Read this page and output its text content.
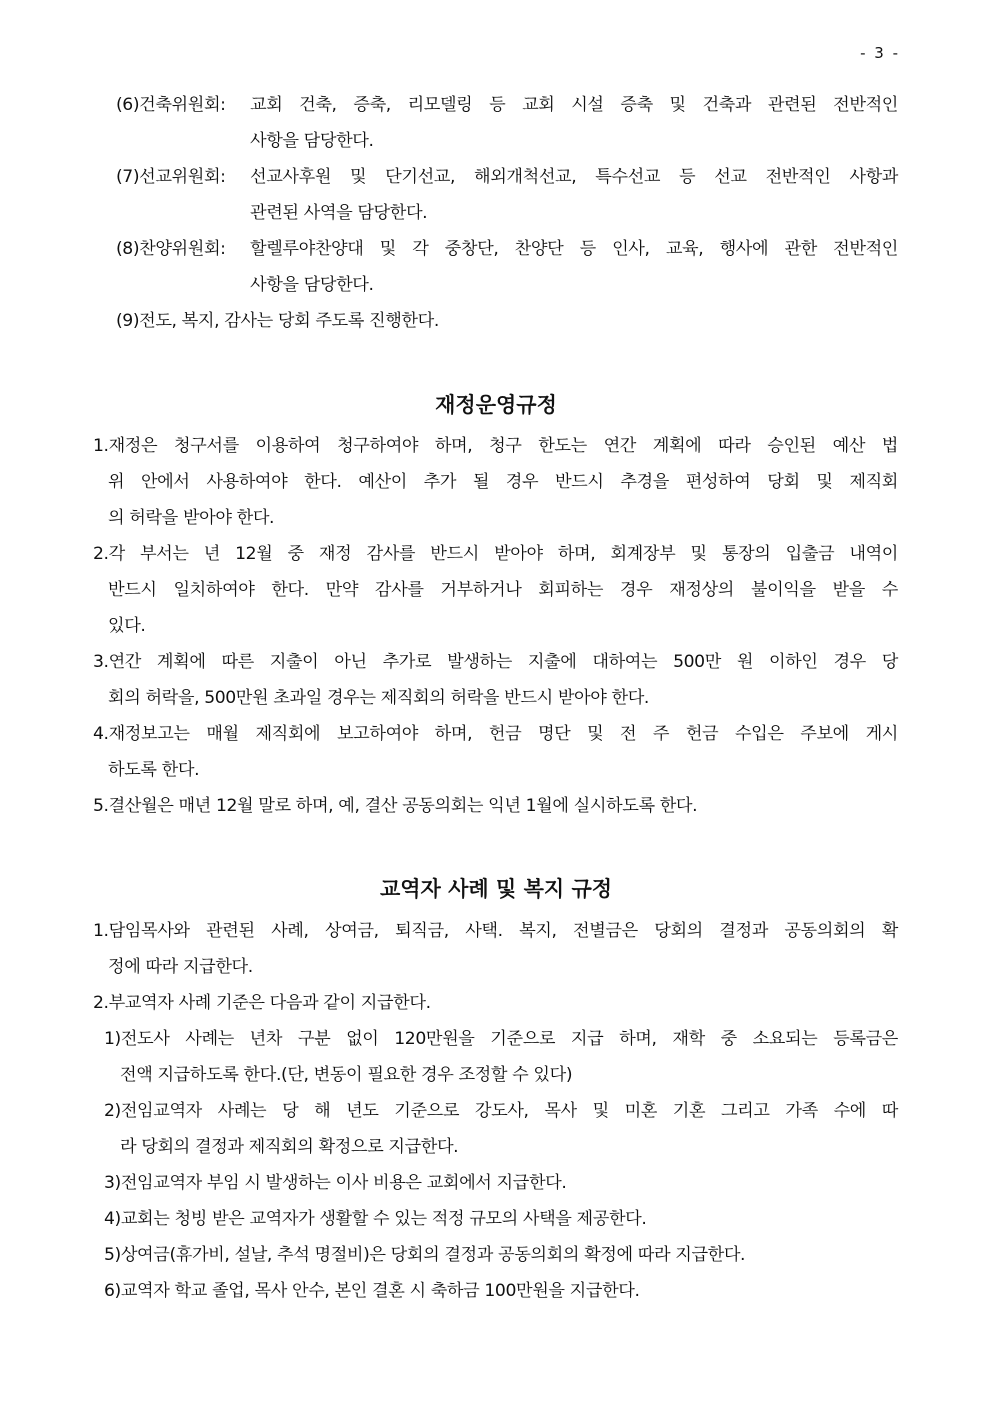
- 3 -
(6)건축위원회: 교회 건축, 증축, 리모델링 등 교회 시설 증축 및 건축과 관련된 전반적인
사항을 담당한다.
(7)선교위원회: 선교사후원 및 단기선교, 해외개척선교, 특수선교 등 선교 전반적인 사항과
관련된 사역을 담당한다.
(8)찬양위원회: 할렐루야찬양대 및 각 중창단, 찬양단 등 인사, 교육, 행사에 관한 전반적인
사항을 담당한다.
(9)전도, 복지, 감사는 당회 주도록 진행한다.
재정운영규정
1.재정은 청구서를 이용하여 청구하여야 하며, 청구 한도는 연간 계획에 따라 승인된 예산 법
위 안에서 사용하여야 한다. 예산이 추가 될 경우 반드시 추경을 편성하여 당회 및 제직회
의 허락을 받아야 한다.
2.각 부서는 년 12월 중 재정 감사를 반드시 받아야 하며, 회계장부 및 통장의 입출금 내역이
반드시 일치하여야 한다. 만약 감사를 거부하거나 회피하는 경우 재정상의 불이익을 받을 수
있다.
3.연간 계획에 따른 지출이 아닌 추가로 발생하는 지출에 대하여는 500만 원 이하인 경우 당
회의 허락을, 500만원 초과일 경우는 제직회의 허락을 반드시 받아야 한다.
4.재정보고는 매월 제직회에 보고하여야 하며, 헌금 명단 및 전 주 헌금 수입은 주보에 게시
하도록 한다.
5.결산월은 매년 12월 말로 하며, 예, 결산 공동의회는 익년 1월에 실시하도록 한다.
교역자 사례 및 복지 규정
1.담임목사와 관련된 사례, 상여금, 퇴직금, 사택. 복지, 전별금은 당회의 결정과 공동의회의 확
정에 따라 지급한다.
2.부교역자 사례 기준은 다음과 같이 지급한다.
1)전도사 사례는 년차 구분 없이 120만원을 기준으로 지급 하며, 재학 중 소요되는 등록금은
전액 지급하도록 한다.(단, 변동이 필요한 경우 조정할 수 있다)
2)전임교역자 사례는 당 해 년도 기준으로 강도사, 목사 및 미혼 기혼 그리고 가족 수에 따
라 당회의 결정과 제직회의 확정으로 지급한다.
3)전임교역자 부임 시 발생하는 이사 비용은 교회에서 지급한다.
4)교회는 청빙 받은 교역자가 생활할 수 있는 적정 규모의 사택을 제공한다.
5)상여금(휴가비, 설날, 추석 명절비)은 당회의 결정과 공동의회의 확정에 따라 지급한다.
6)교역자 학교 졸업, 목사 안수, 본인 결혼 시 축하금 100만원을 지급한다.
